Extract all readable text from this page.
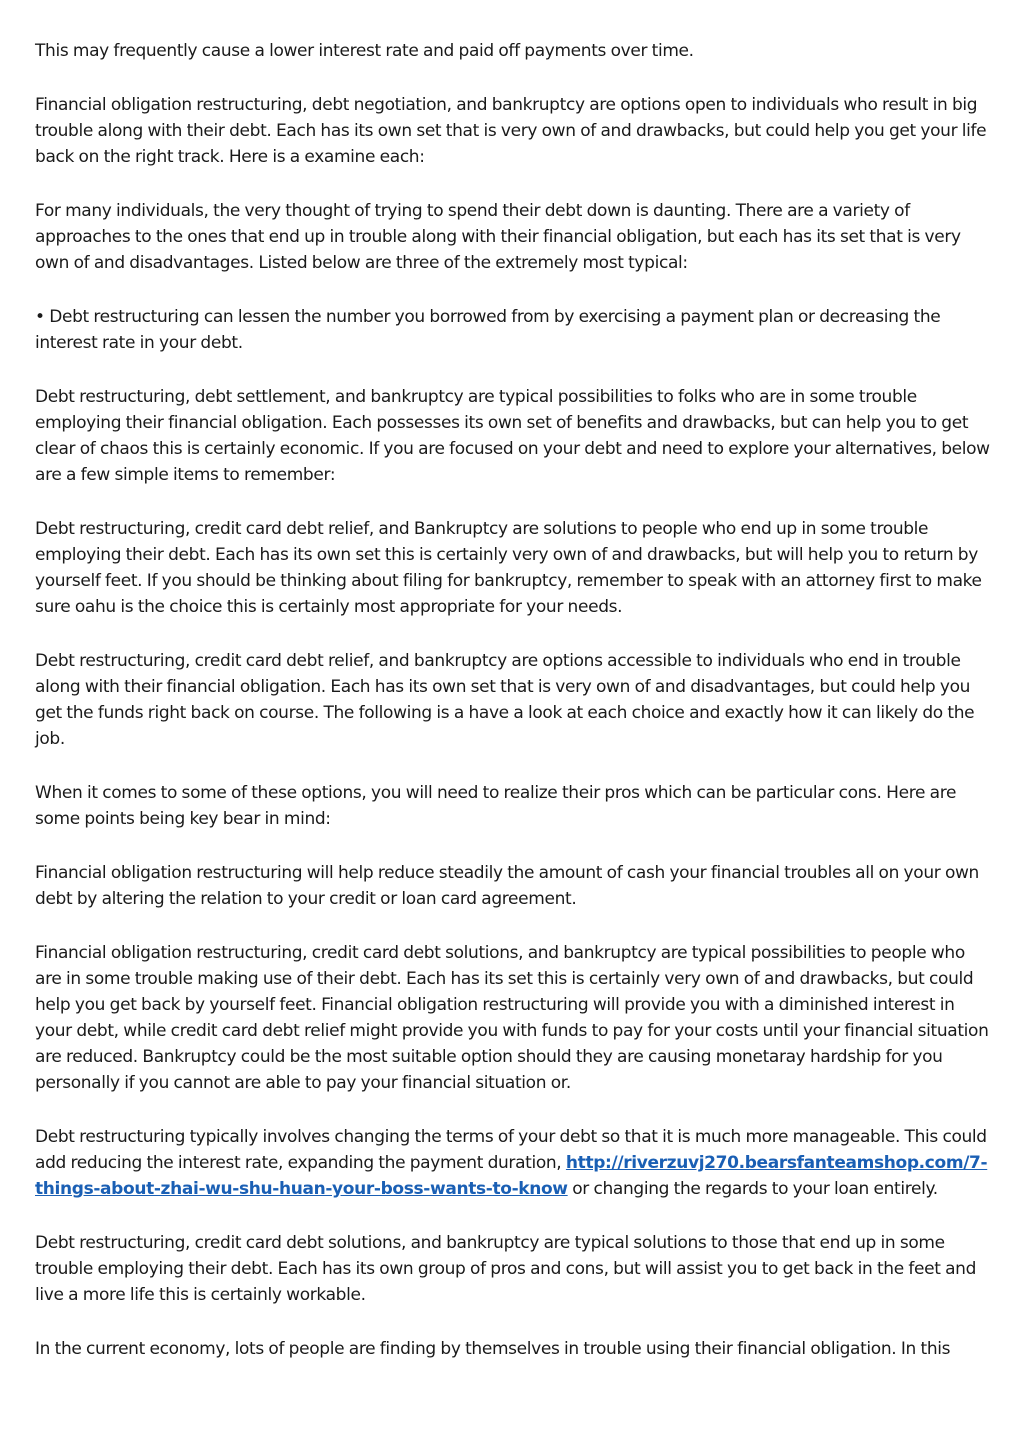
This may frequently cause a lower interest rate and paid off payments over time.

Financial obligation restructuring, debt negotiation, and bankruptcy are options open to individuals who result in big trouble along with their debt. Each has its own set that is very own of and drawbacks, but could help you get your life back on the right track. Here is a examine each:

For many individuals, the very thought of trying to spend their debt down is daunting. There are a variety of approaches to the ones that end up in trouble along with their financial obligation, but each has its set that is very own of and disadvantages. Listed below are three of the extremely most typical:

• Debt restructuring can lessen the number you borrowed from by exercising a payment plan or decreasing the interest rate in your debt.

Debt restructuring, debt settlement, and bankruptcy are typical possibilities to folks who are in some trouble employing their financial obligation. Each possesses its own set of benefits and drawbacks, but can help you to get clear of chaos this is certainly economic. If you are focused on your debt and need to explore your alternatives, below are a few simple items to remember:

Debt restructuring, credit card debt relief, and Bankruptcy are solutions to people who end up in some trouble employing their debt. Each has its own set this is certainly very own of and drawbacks, but will help you to return by yourself feet. If you should be thinking about filing for bankruptcy, remember to speak with an attorney first to make sure oahu is the choice this is certainly most appropriate for your needs.

Debt restructuring, credit card debt relief, and bankruptcy are options accessible to individuals who end in trouble along with their financial obligation. Each has its own set that is very own of and disadvantages, but could help you get the funds right back on course. The following is a have a look at each choice and exactly how it can likely do the job.

When it comes to some of these options, you will need to realize their pros which can be particular cons. Here are some points being key bear in mind:

Financial obligation restructuring will help reduce steadily the amount of cash your financial troubles all on your own debt by altering the relation to your credit or loan card agreement.

Financial obligation restructuring, credit card debt solutions, and bankruptcy are typical possibilities to people who are in some trouble making use of their debt. Each has its set this is certainly very own of and drawbacks, but could help you get back by yourself feet. Financial obligation restructuring will provide you with a diminished interest in your debt, while credit card debt relief might provide you with funds to pay for your costs until your financial situation are reduced. Bankruptcy could be the most suitable option should they are causing monetaray hardship for you personally if you cannot are able to pay your financial situation or.

Debt restructuring typically involves changing the terms of your debt so that it is much more manageable. This could add reducing the interest rate, expanding the payment duration, http://riverzuvj270.bearsfanteamshop.com/7-things-about-zhai-wu-shu-huan-your-boss-wants-to-know or changing the regards to your loan entirely.

Debt restructuring, credit card debt solutions, and bankruptcy are typical solutions to those that end up in some trouble employing their debt. Each has its own group of pros and cons, but will assist you to get back in the feet and live a more life this is certainly workable.

In the current economy, lots of people are finding by themselves in trouble using their financial obligation. In this
